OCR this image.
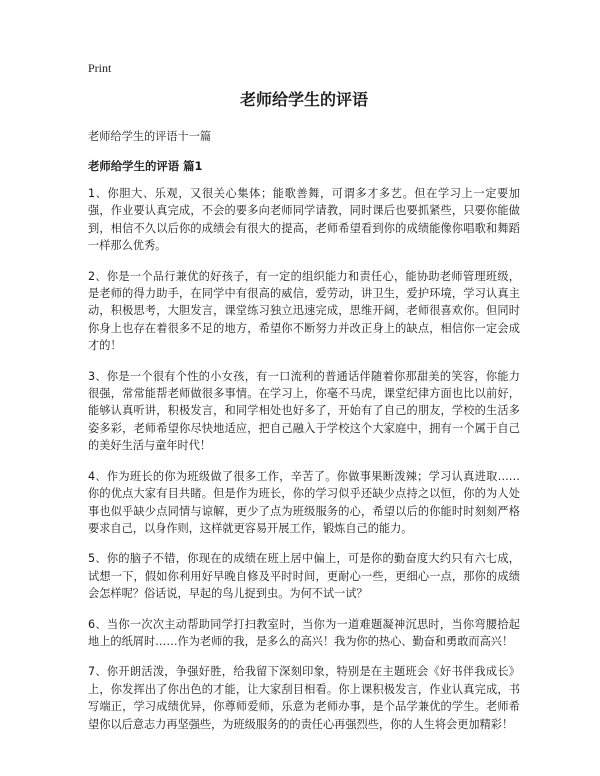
Print
老师给学生的评语
老师给学生的评语十一篇
老师给学生的评语 篇1

1、你胆大、乐观，又很关心集体；能歌善舞，可谓多才多艺。但在学习上一定要加强，作业要认真完成，不会的要多向老师同学请教，同时课后也要抓紧些，只要你能做到，相信不久以后你的成绩会有很大的提高，老师希望看到你的成绩能像你唱歌和舞蹈一样那么优秀。

2、你是一个品行兼优的好孩子，有一定的组织能力和责任心，能协助老师管理班级，是老师的得力助手，在同学中有很高的威信，爱劳动，讲卫生，爱护环境，学习认真主动，积极思考，大胆发言，课堂练习独立迅速完成，思维开阔，老师很喜欢你。但同时你身上也存在着很多不足的地方，希望你不断努力并改正身上的缺点，相信你一定会成才的！

3、你是一个很有个性的小女孩，有一口流利的普通话伴随着你那甜美的笑容，你能力很强，常常能帮老师做很多事情。在学习上，你毫不马虎，课堂纪律方面也比以前好，能够认真听讲，积极发言，和同学相处也好多了，开始有了自己的朋友，学校的生活多姿多彩，老师希望你尽快地适应，把自己融入于学校这个大家庭中，拥有一个属于自己的美好生活与童年时代！

4、作为班长的你为班级做了很多工作，辛苦了。你做事果断泼辣；学习认真进取……你的优点大家有目共睹。但是作为班长，你的学习似乎还缺少点持之以恒，你的为人处事也似乎缺少点同情与谅解，更少了点为班级服务的心，希望以后的你能时时刻刻严格要求自己，以身作则，这样就更容易开展工作，锻炼自己的能力。

5、你的脑子不错，你现在的成绩在班上居中偏上，可是你的勤奋度大约只有六七成，试想一下，假如你利用好早晚自修及平时时间，更耐心一些，更细心一点，那你的成绩会怎样呢？俗话说，早起的鸟儿捉到虫。为何不试一试？

6、当你一次次主动帮助同学打扫教室时，当你为一道难题凝神沉思时，当你弯腰拾起地上的纸屑时……作为老师的我，是多么的高兴！我为你的热心、勤奋和勇敢而高兴！

7、你开朗活泼，争强好胜，给我留下深刻印象，特别是在主题班会《好书伴我成长》上，你发挥出了你出色的才能，让大家刮目相看。你上课积极发言，作业认真完成，书写端正，学习成绩优异，你尊师爱师，乐意为老师办事，是个品学兼优的学生。老师希望你以后意志力再坚强些，为班级服务的的责任心再强烈些，你的人生将会更加精彩！
